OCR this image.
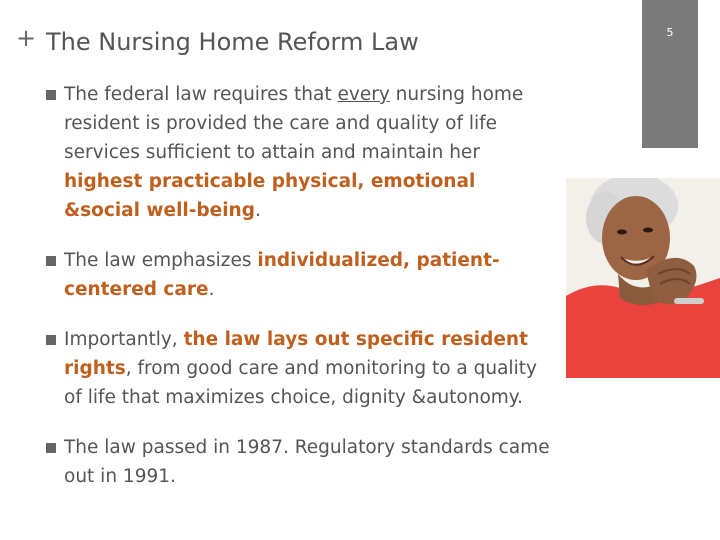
+ The Nursing Home Reform Law	5
The federal law requires that every nursing home resident is provided the care and quality of life services sufficient to attain and maintain her highest practicable physical, emotional &social well-being.
The law emphasizes individualized, patient-centered care.
Importantly, the law lays out specific resident rights, from good care and monitoring to a quality of life that maximizes choice, dignity &autonomy.
The law passed in 1987. Regulatory standards came out in 1991.
